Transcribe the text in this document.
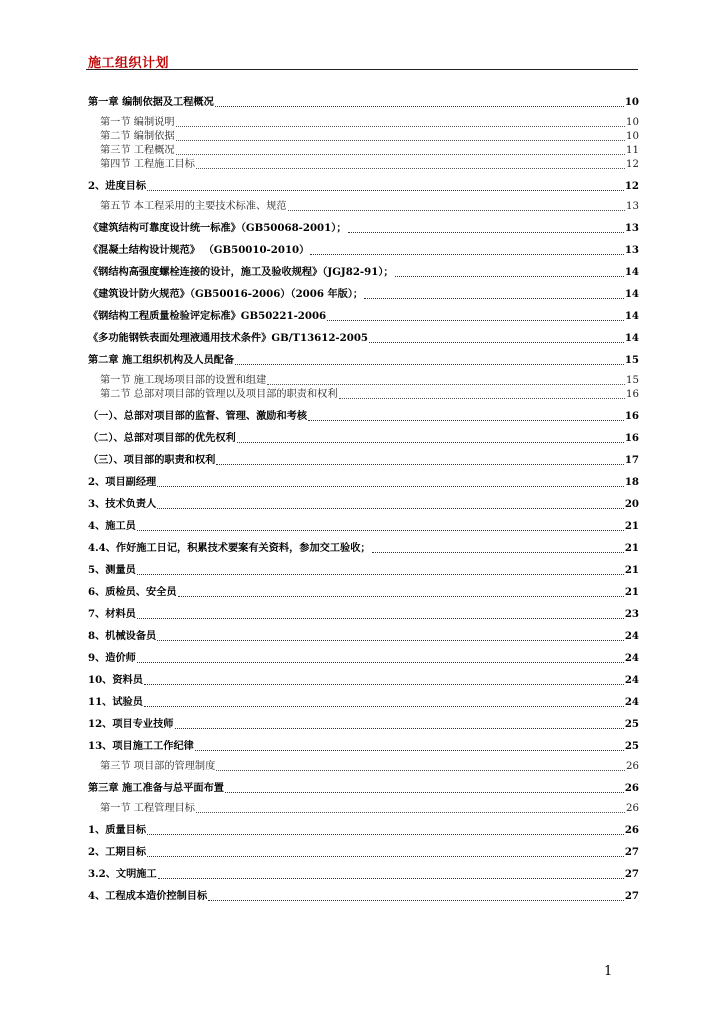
施工组织计划
第一章 编制依据及工程概况	10
第一节 编制说明	10
第二节 编制依据	10
第三节 工程概况	11
第四节 工程施工目标	12
2、进度目标	12
第五节 本工程采用的主要技术标准、规范	13
《建筑结构可靠度设计统一标准》（GB50068-2001）；	13
《混凝土结构设计规范》 （GB50010-2010）	13
《钢结构高强度螺栓连接的设计，施工及验收规程》（JGJ82-91）；	14
《建筑设计防火规范》（GB50016-2006）（2006 年版）；	14
《钢结构工程质量检验评定标准》GB50221-2006	14
《多功能钢铁表面处理液通用技术条件》GB/T13612-2005	14
第二章 施工组织机构及人员配备	15
第一节 施工现场项目部的设置和组建	15
第二节 总部对项目部的管理以及项目部的职责和权利	16
（一）、总部对项目部的监督、管理、激励和考核	16
（二）、总部对项目部的优先权利	16
（三）、项目部的职责和权利	17
2、项目副经理	18
3、技术负责人	20
4、施工员	21
4.4、作好施工日记，积累技术要案有关资料，参加交工验收；	21
5、测量员	21
6、质检员、安全员	21
7、材料员	23
8、机械设备员	24
9、造价师	24
10、资料员	24
11、试验员	24
12、项目专业技师	25
13、项目施工工作纪律	25
第三节 项目部的管理制度	26
第三章 施工准备与总平面布置	26
第一节 工程管理目标	26
1、质量目标	26
2、工期目标	27
3.2、文明施工	27
4、工程成本造价控制目标	27
1
